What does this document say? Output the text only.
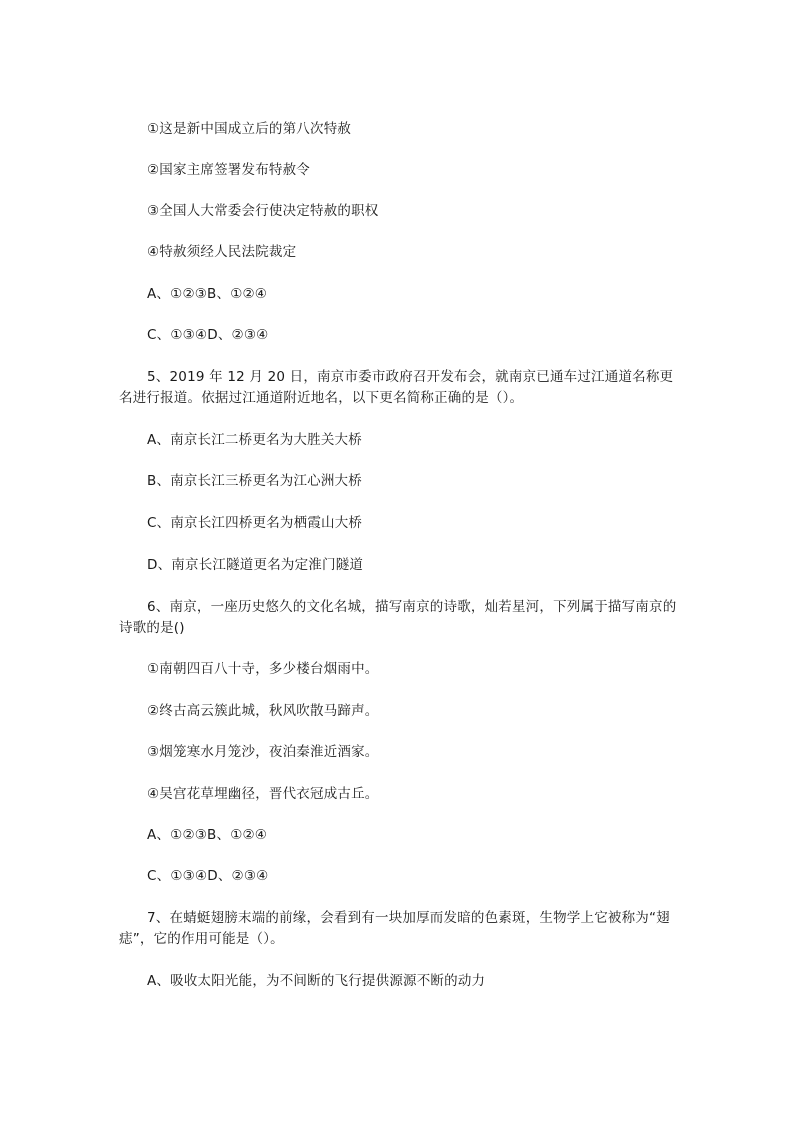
①这是新中国成立后的第八次特赦
②国家主席签署发布特赦令
③全国人大常委会行使决定特赦的职权
④特赦须经人民法院裁定
A、①②③B、①②④
C、①③④D、②③④
5、2019 年 12 月 20 日，南京市委市政府召开发布会，就南京已通车过江通道名称更名进行报道。依据过江通道附近地名，以下更名简称正确的是（）。
A、南京长江二桥更名为大胜关大桥
B、南京长江三桥更名为江心洲大桥
C、南京长江四桥更名为栖霞山大桥
D、南京长江隧道更名为定淮门隧道
6、南京，一座历史悠久的文化名城，描写南京的诗歌，灿若星河，下列属于描写南京的诗歌的是()
①南朝四百八十寺，多少楼台烟雨中。
②终古高云簇此城，秋风吹散马蹄声。
③烟笼寒水月笼沙，夜泊秦淮近酒家。
④吴宫花草埋幽径，晋代衣冠成古丘。
A、①②③B、①②④
C、①③④D、②③④
7、在蜻蜓翅膀末端的前缘，会看到有一块加厚而发暗的色素斑，生物学上它被称为“翅痣”，它的作用可能是（）。
A、吸收太阳光能，为不间断的飞行提供源源不断的动力
